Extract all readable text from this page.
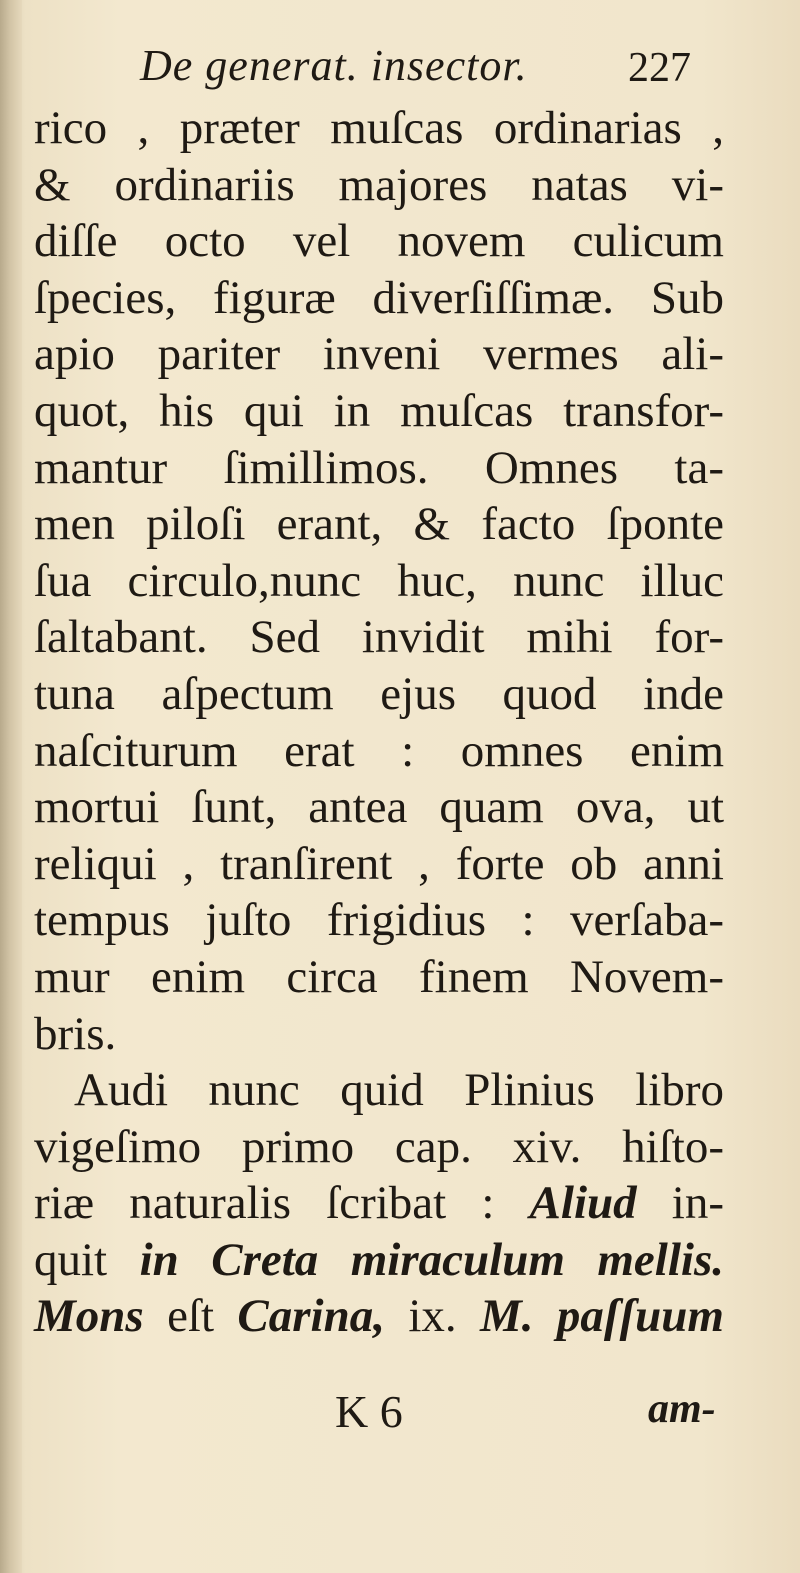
De generat. insector. 227
rico , præter muſcas ordinarias ,
& ordinariis majores natas vi-
diſſe octo vel novem culicum
ſpecies, figuræ diverſiſſimæ. Sub
apio pariter inveni vermes ali-
quot, his qui in muſcas transfor-
mantur ſimillimos. Omnes ta-
men piloſi erant, & facto ſponte
ſua circulo,nunc huc, nunc illuc
ſaltabant. Sed invidit mihi for-
tuna aſpectum ejus quod inde
naſciturum erat : omnes enim
mortui ſunt, antea quam ova, ut
reliqui , tranſirent , forte ob anni
tempus juſto frigidius : verſaba-
mur enim circa finem Novem-
bris.
Audi nunc quid Plinius libro
vigeſimo primo cap. xiv. hiſto-
riæ naturalis ſcribat : Aliud in-
quit in Creta miraculum mellis.
Mons eſt Carina, ix. M. paſſuum
K 6	am-
